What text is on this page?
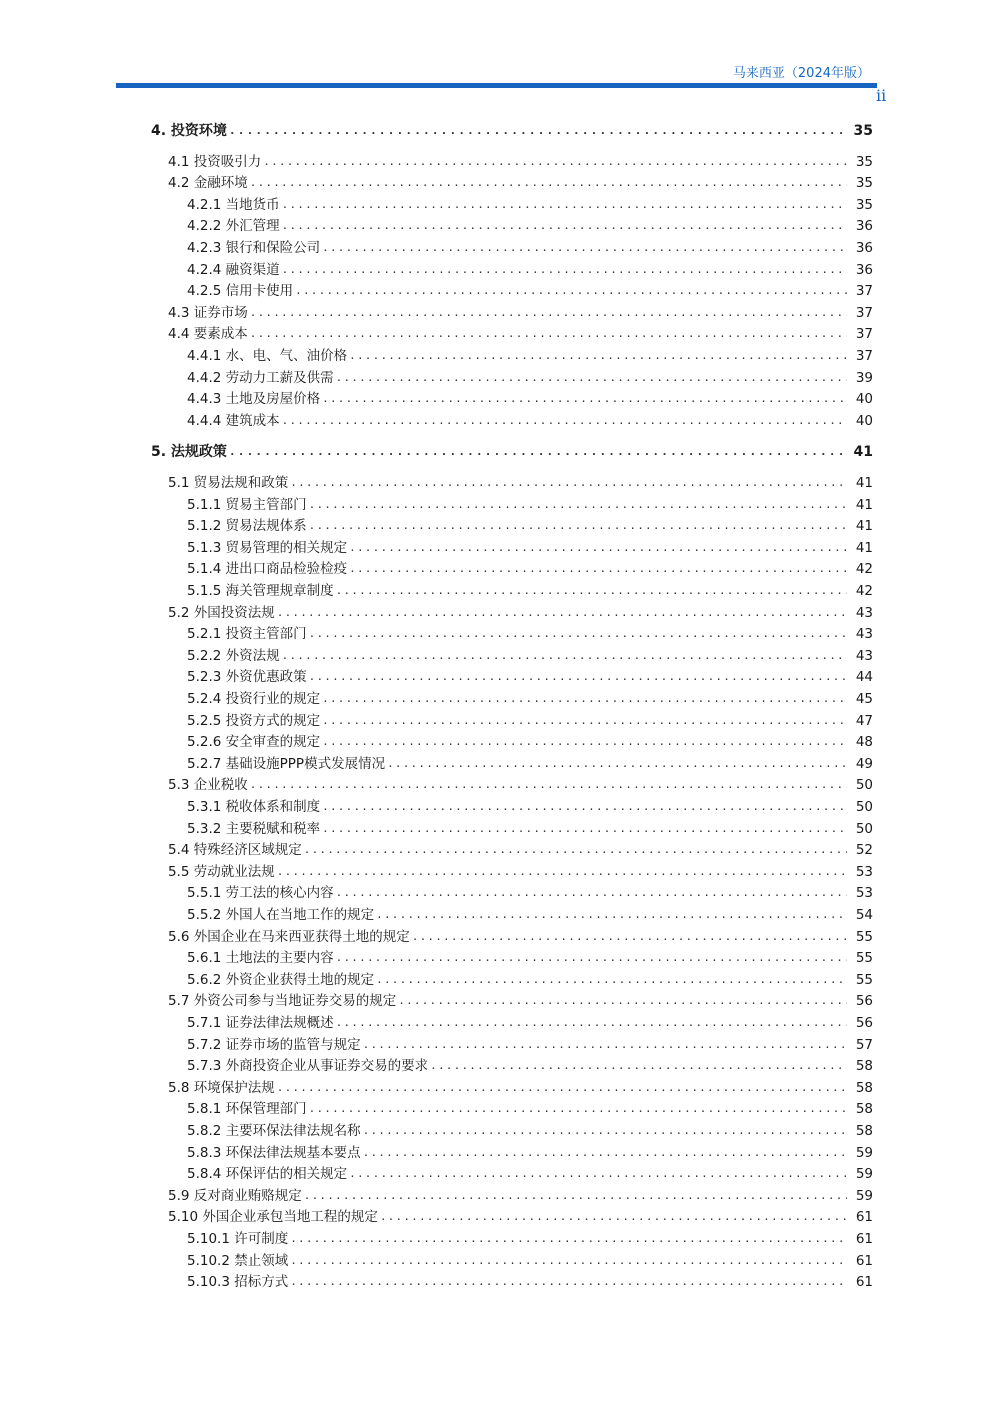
马来西亚（2024年版）
ii
4. 投资环境 .....	35
4.1 投资吸引力 .....	35
4.2 金融环境 .....	35
4.2.1 当地货币 .....	35
4.2.2 外汇管理 .....	36
4.2.3 银行和保险公司 .....	36
4.2.4 融资渠道 .....	36
4.2.5 信用卡使用 .....	37
4.3 证券市场 .....	37
4.4 要素成本 .....	37
4.4.1 水、电、气、油价格 .....	37
4.4.2 劳动力工薪及供需 .....	39
4.4.3 土地及房屋价格 .....	40
4.4.4 建筑成本 .....	40
5. 法规政策 .....	41
5.1 贸易法规和政策 .....	41
5.1.1 贸易主管部门 .....	41
5.1.2 贸易法规体系 .....	41
5.1.3 贸易管理的相关规定 .....	41
5.1.4 进出口商品检验检疫 .....	42
5.1.5 海关管理规章制度 .....	42
5.2 外国投资法规 .....	43
5.2.1 投资主管部门 .....	43
5.2.2 外资法规 .....	43
5.2.3 外资优惠政策 .....	44
5.2.4 投资行业的规定 .....	45
5.2.5 投资方式的规定 .....	47
5.2.6 安全审查的规定 .....	48
5.2.7 基础设施PPP模式发展情况 .....	49
5.3 企业税收 .....	50
5.3.1 税收体系和制度 .....	50
5.3.2 主要税赋和税率 .....	50
5.4 特殊经济区域规定 .....	52
5.5 劳动就业法规 .....	53
5.5.1 劳工法的核心内容 .....	53
5.5.2 外国人在当地工作的规定 .....	54
5.6 外国企业在马来西亚获得土地的规定 .....	55
5.6.1 土地法的主要内容 .....	55
5.6.2 外资企业获得土地的规定 .....	55
5.7 外资公司参与当地证券交易的规定 .....	56
5.7.1 证券法律法规概述 .....	56
5.7.2 证券市场的监管与规定 .....	57
5.7.3 外商投资企业从事证券交易的要求 .....	58
5.8 环境保护法规 .....	58
5.8.1 环保管理部门 .....	58
5.8.2 主要环保法律法规名称 .....	58
5.8.3 环保法律法规基本要点 .....	59
5.8.4 环保评估的相关规定 .....	59
5.9 反对商业贿赂规定 .....	59
5.10 外国企业承包当地工程的规定 .....	61
5.10.1 许可制度 .....	61
5.10.2 禁止领域 .....	61
5.10.3 招标方式 .....	61
